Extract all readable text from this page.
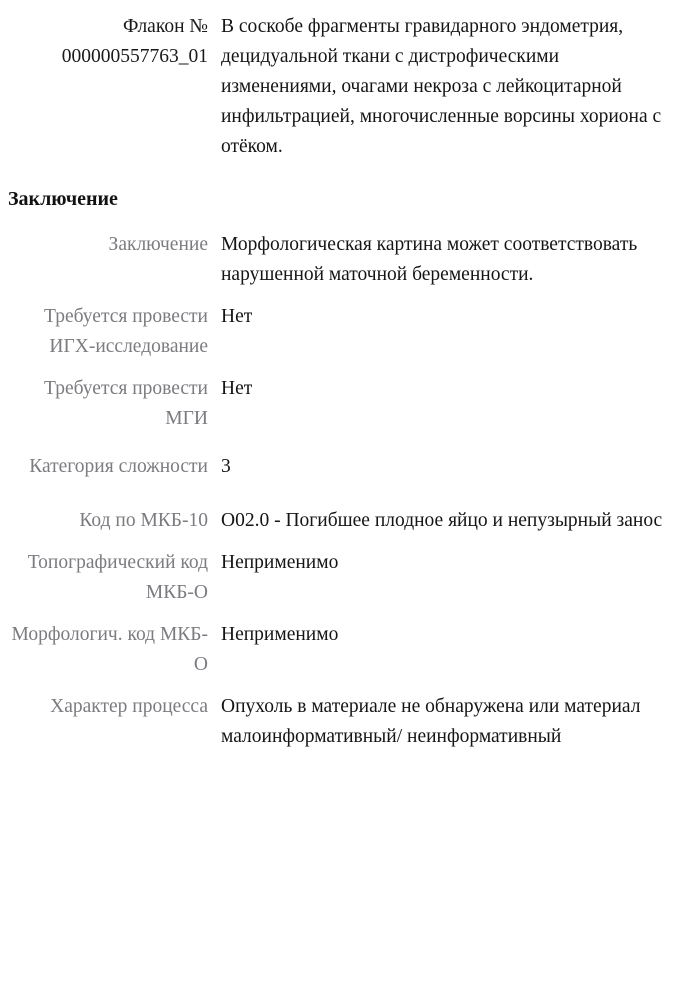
Флакон №
000000557763_01
В соскобе фрагменты гравидарного эндометрия, децидуальной ткани с дистрофическими изменениями, очагами некроза с лейкоцитарной инфильтрацией, многочисленные ворсины хориона с отёком.
Заключение
Заключение Морфологическая картина может соответствовать нарушенной маточной беременности.
Требуется провести ИГХ-исследование
Нет
Требуется провести МГИ
Нет
Категория сложности 3
Код по МКБ-10 O02.0 - Погибшее плодное яйцо и непузырный занос
Топографический код МКБ-О
Неприменимо
Морфологич. код МКБ-О
Неприменимо
Характер процесса Опухоль в материале не обнаружена или материал малоинформативный/ неинформативный
